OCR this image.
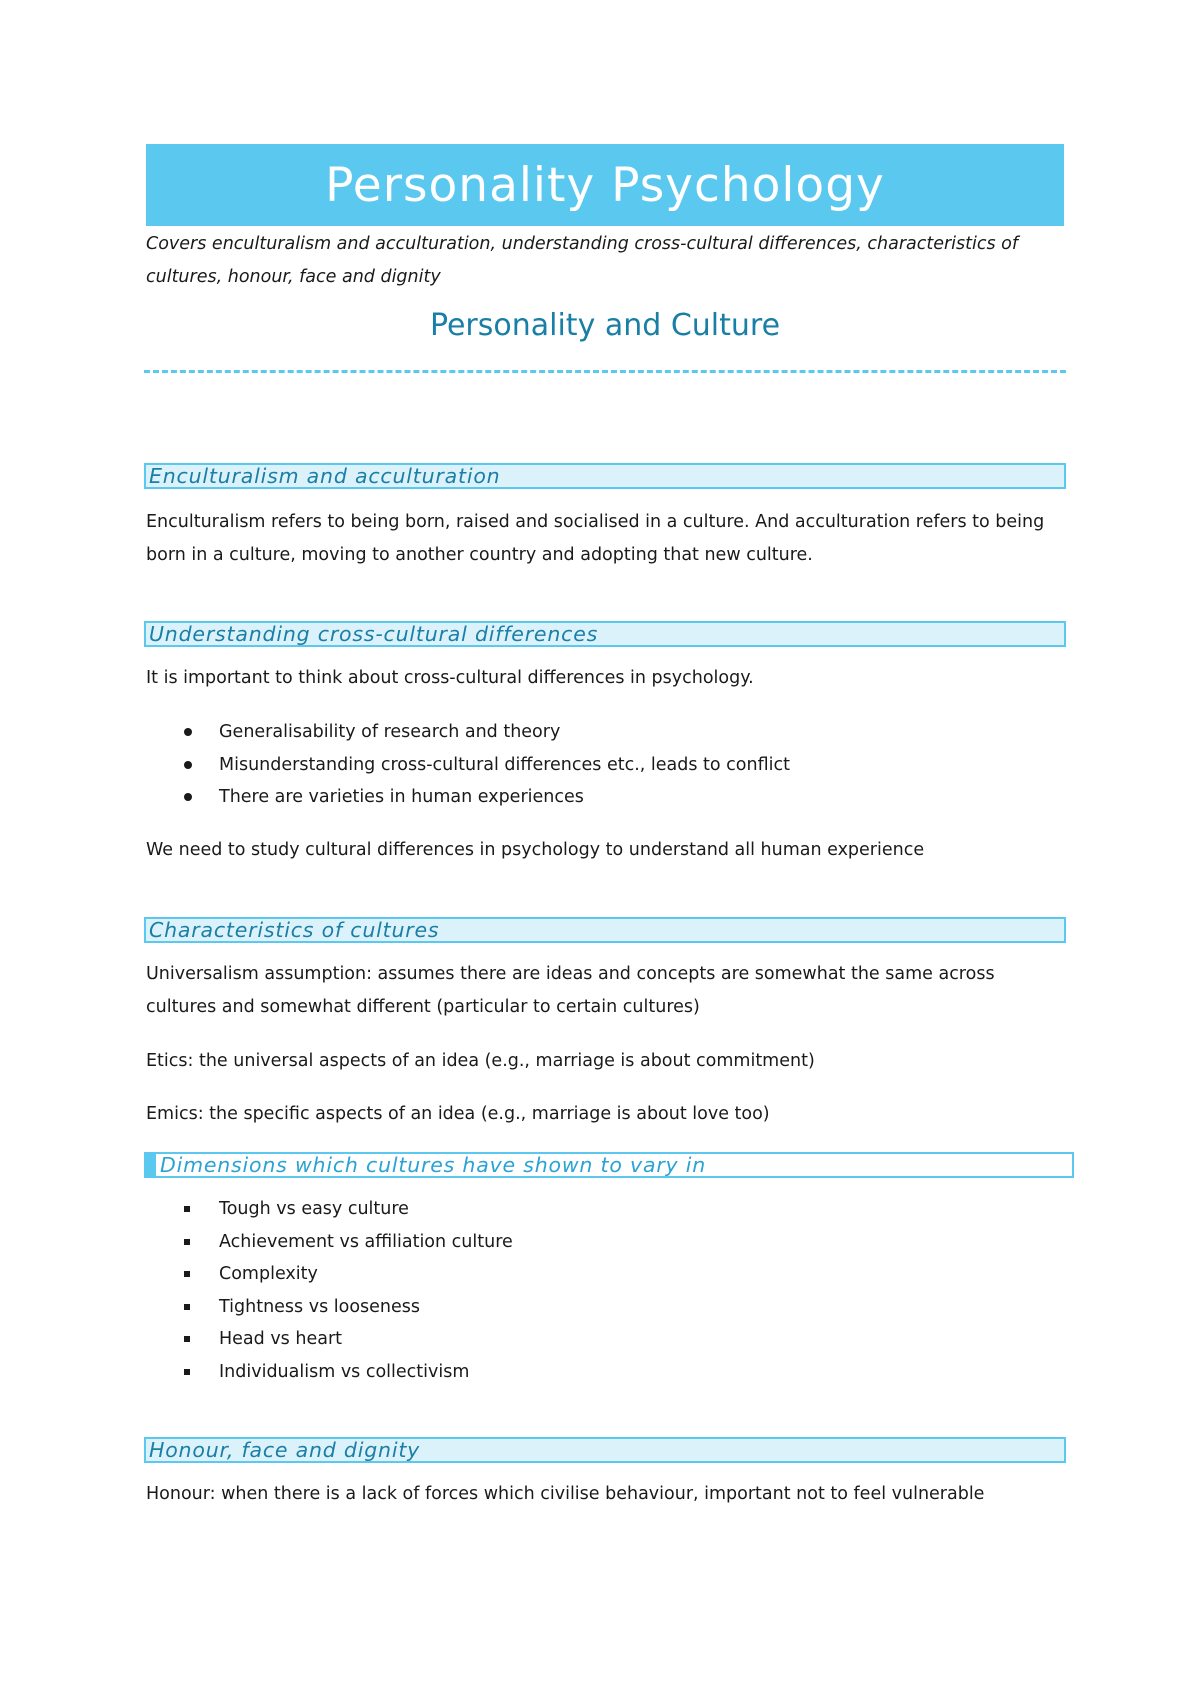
Personality Psychology
Covers enculturalism and acculturation, understanding cross-cultural differences, characteristics of cultures, honour, face and dignity
Personality and Culture
Enculturalism and acculturation
Enculturalism refers to being born, raised and socialised in a culture. And acculturation refers to being born in a culture, moving to another country and adopting that new culture.
Understanding cross-cultural differences
It is important to think about cross-cultural differences in psychology.
Generalisability of research and theory
Misunderstanding cross-cultural differences etc., leads to conflict
There are varieties in human experiences
We need to study cultural differences in psychology to understand all human experience
Characteristics of cultures
Universalism assumption: assumes there are ideas and concepts are somewhat the same across cultures and somewhat different (particular to certain cultures)
Etics: the universal aspects of an idea (e.g., marriage is about commitment)
Emics: the specific aspects of an idea (e.g., marriage is about love too)
Dimensions which cultures have shown to vary in
Tough vs easy culture
Achievement vs affiliation culture
Complexity
Tightness vs looseness
Head vs heart
Individualism vs collectivism
Honour, face and dignity
Honour: when there is a lack of forces which civilise behaviour, important not to feel vulnerable
